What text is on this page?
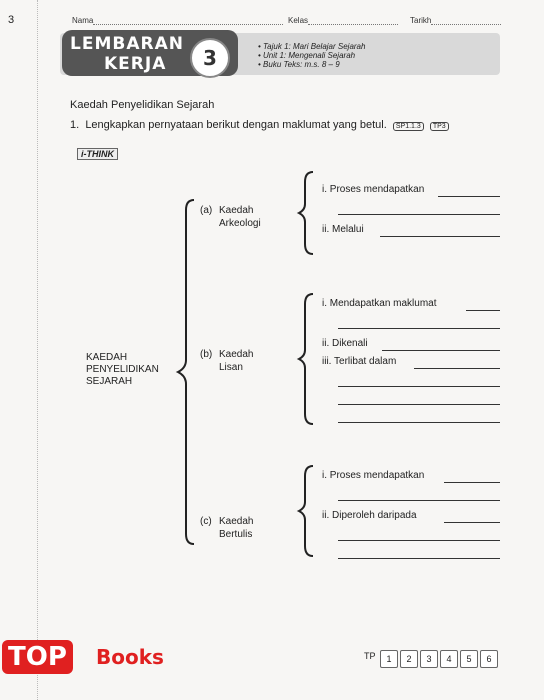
3	Nama	Kelas	Tarikh
LEMBARAN
KERJA	3
•	Tajuk 1: Mari Belajar Sejarah
• Unit 1: Mengenali Sejarah
• Buku Teks: m.s. 8 – 9
Kaedah Penyelidikan Sejarah
1. Lengkapkan pernyataan berikut dengan maklumat yang betul. SP1.1.3 TP3
i-THINK
KAEDAH
PENYELIDIKAN
SEJARAH
(a) Kaedah
Arkeologi
i. Proses mendapatkan
ii. Melalui
(b) Kaedah
Lisan
i. Mendapatkan maklumat
ii. Dikenali
iii. Terlibat dalam
(c) Kaedah
Bertulis
i. Proses mendapatkan
ii. Diperoleh daripada
TP	1	2	3	4	5	6
TOP	Books
